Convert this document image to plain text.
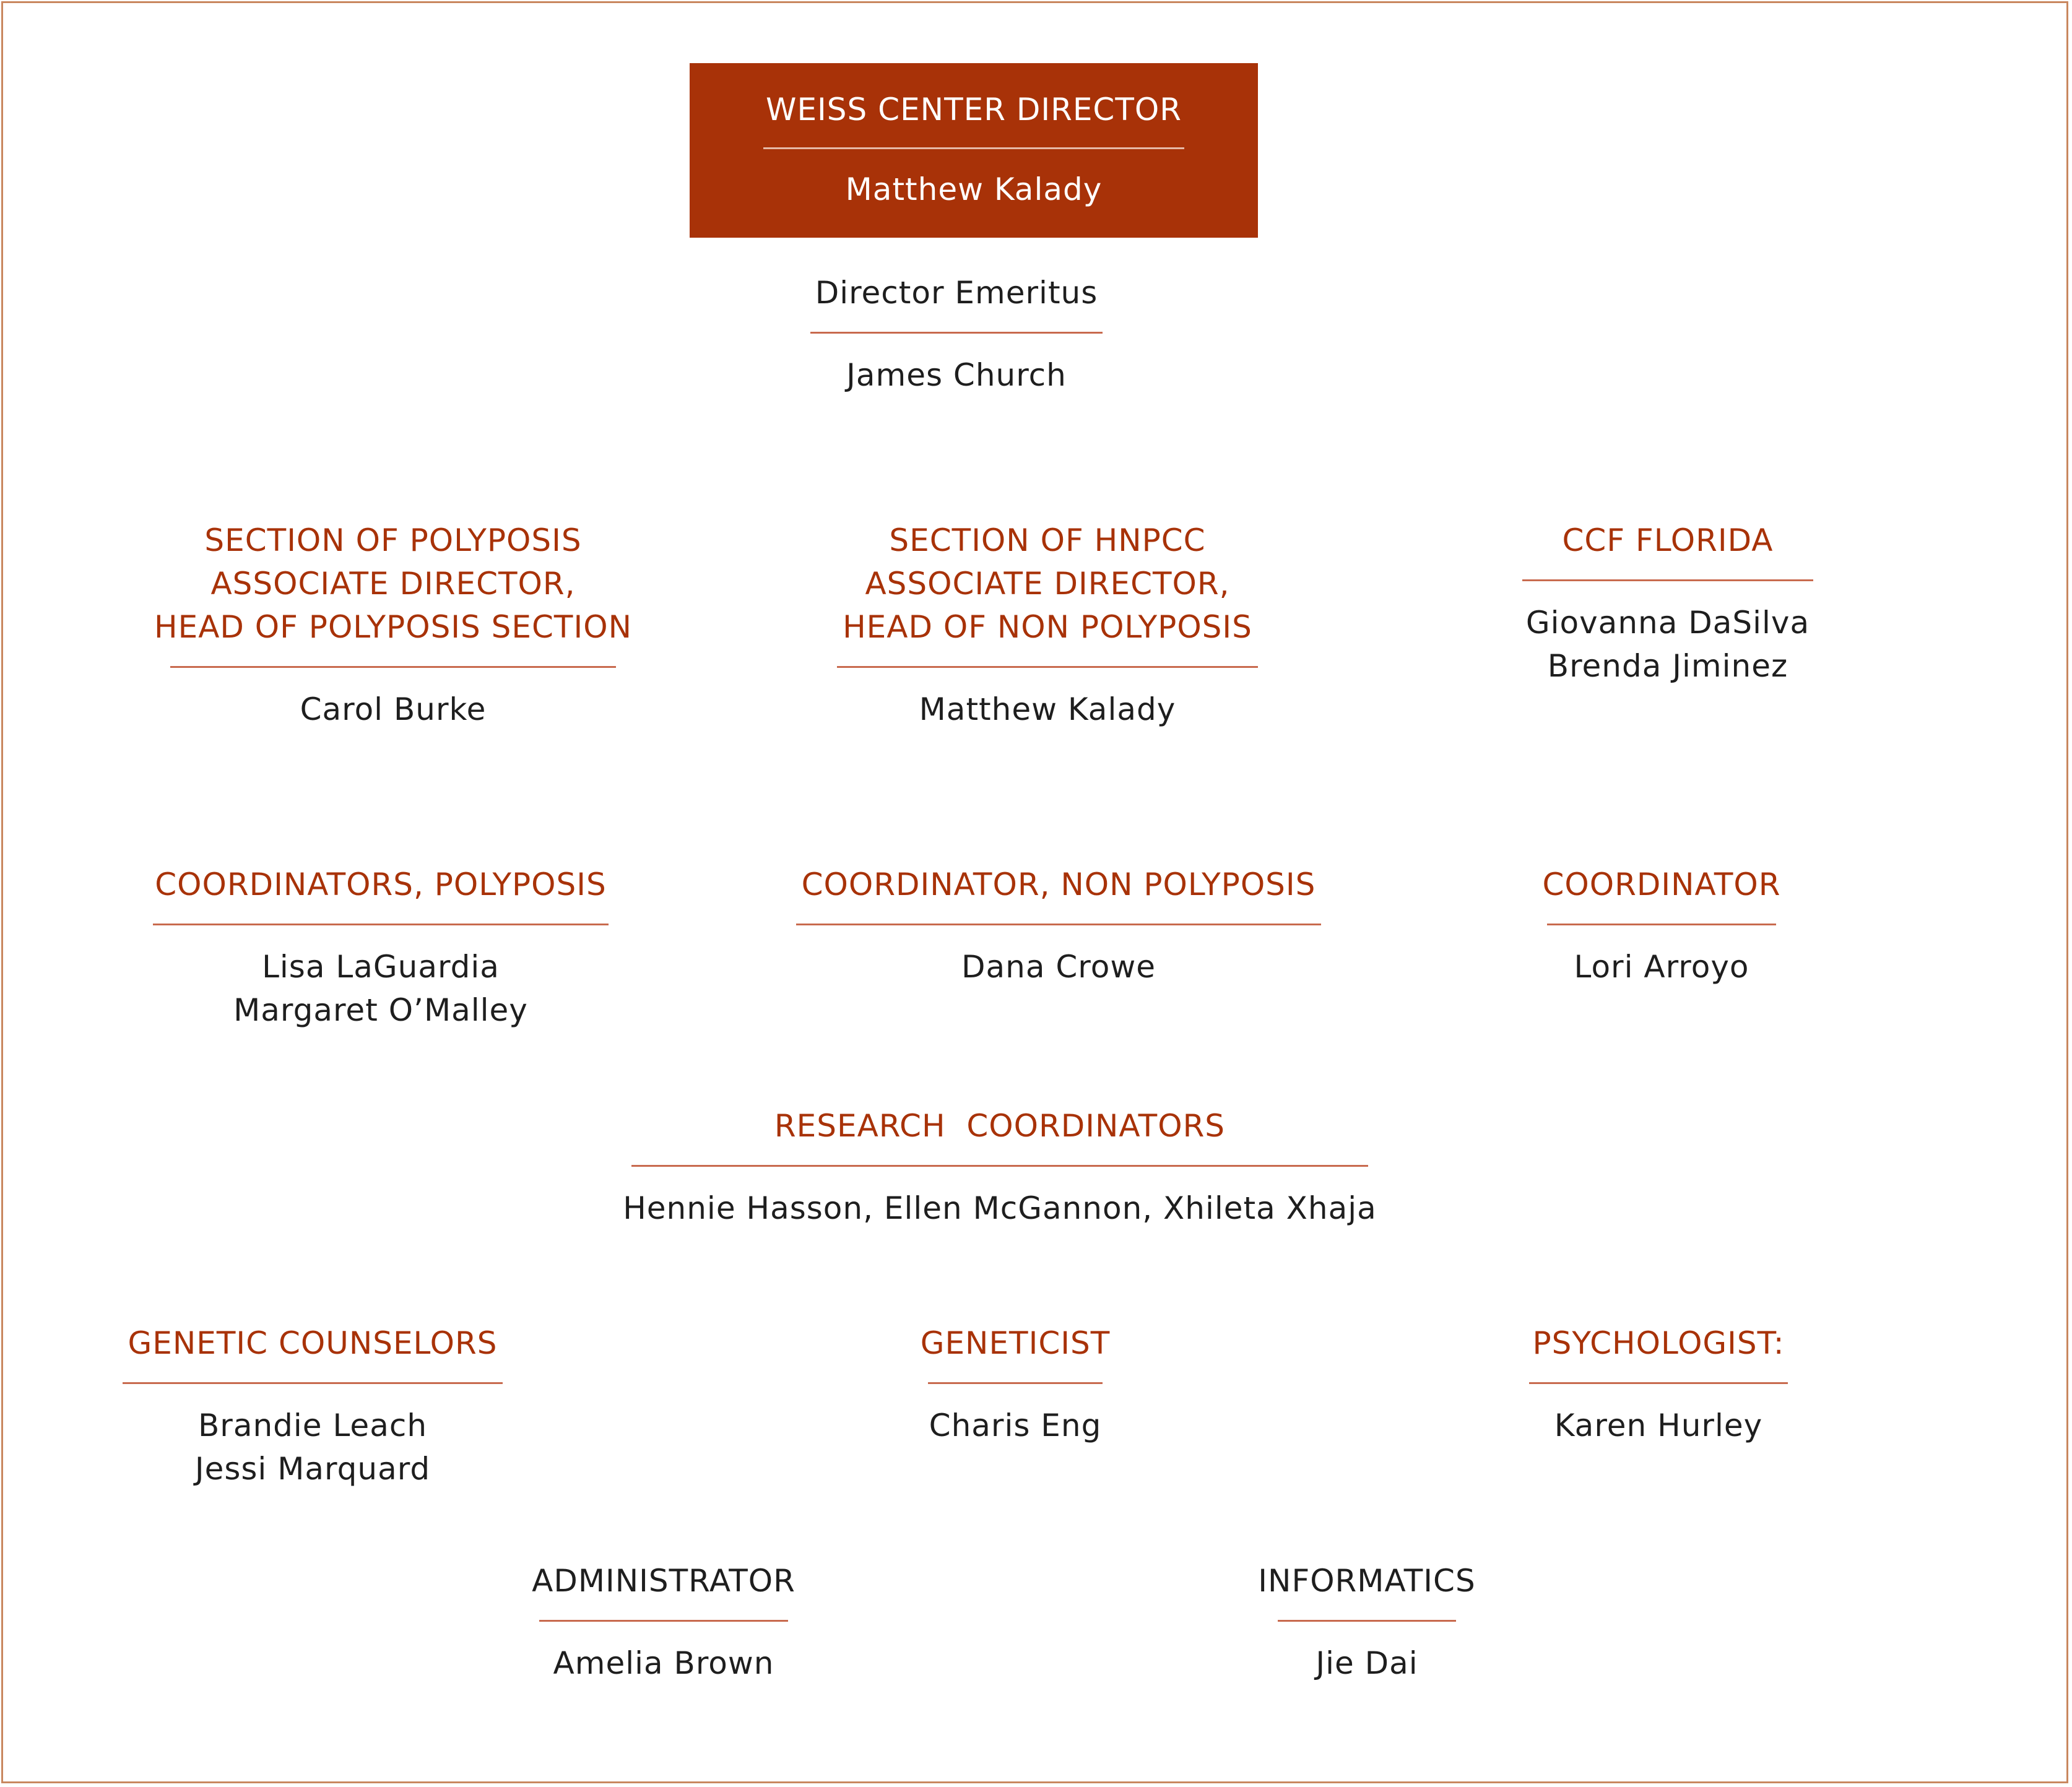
WEISS CENTER DIRECTOR
Matthew Kalady
Director Emeritus
James Church
SECTION OF POLYPOSIS
ASSOCIATE DIRECTOR,
HEAD OF POLYPOSIS SECTION
Carol Burke
SECTION OF HNPCC
ASSOCIATE DIRECTOR,
HEAD OF NON POLYPOSIS
Matthew Kalady
CCF FLORIDA
Giovanna DaSilva
Brenda Jiminez
COORDINATORS, POLYPOSIS
Lisa LaGuardia
Margaret O’Malley
COORDINATOR, NON POLYPOSIS
Dana Crowe
COORDINATOR
Lori Arroyo
RESEARCH  COORDINATORS
Hennie Hasson, Ellen McGannon, Xhileta Xhaja
GENETIC COUNSELORS
Brandie Leach
Jessi Marquard
GENETICIST
Charis Eng
PSYCHOLOGIST:
Karen Hurley
ADMINISTRATOR
Amelia Brown
INFORMATICS
Jie Dai
